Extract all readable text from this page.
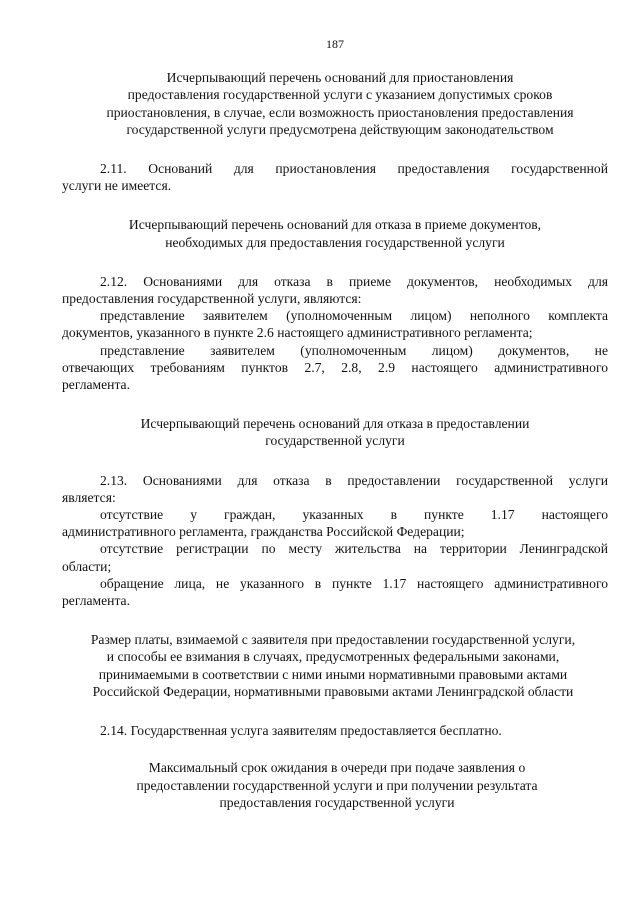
187
Исчерпывающий перечень оснований для приостановления
предоставления государственной услуги с указанием допустимых сроков
приостановления, в случае, если возможность приостановления предоставления
государственной услуги предусмотрена действующим законодательством

2.11. Оснований для приостановления предоставления государственной

услуги не имеется.

Исчерпывающий перечень оснований для отказа в приеме документов,
необходимых для предоставления государственной услуги

2.12. Основаниями для отказа в приеме документов, необходимых для

предоставления государственной услуги, являются:

представление заявителем (уполномоченным лицом) неполного комплекта

документов, указанного в пункте 2.6 настоящего административного регламента;

представление заявителем (уполномоченным лицом) документов, не

отвечающих требованиям пунктов 2.7, 2.8, 2.9 настоящего административного

регламента.

Исчерпывающий перечень оснований для отказа в предоставлении
государственной услуги

2.13. Основаниями для отказа в предоставлении государственной услуги

является:

отсутствие у граждан, указанных в пункте 1.17 настоящего

административного регламента, гражданства Российской Федерации;

отсутствие регистрации по месту жительства на территории Ленинградской

области;

обращение лица, не указанного в пункте 1.17 настоящего административного

регламента.

Размер платы, взимаемой с заявителя при предоставлении государственной услуги,
и способы ее взимания в случаях, предусмотренных федеральными законами,
принимаемыми в соответствии с ними иными нормативными правовыми актами
Российской Федерации, нормативными правовыми актами Ленинградской области

2.14. Государственная услуга заявителям предоставляется бесплатно.

Максимальный срок ожидания в очереди при подаче заявления о
предоставлении государственной услуги и при получении результата
предоставления государственной услуги
